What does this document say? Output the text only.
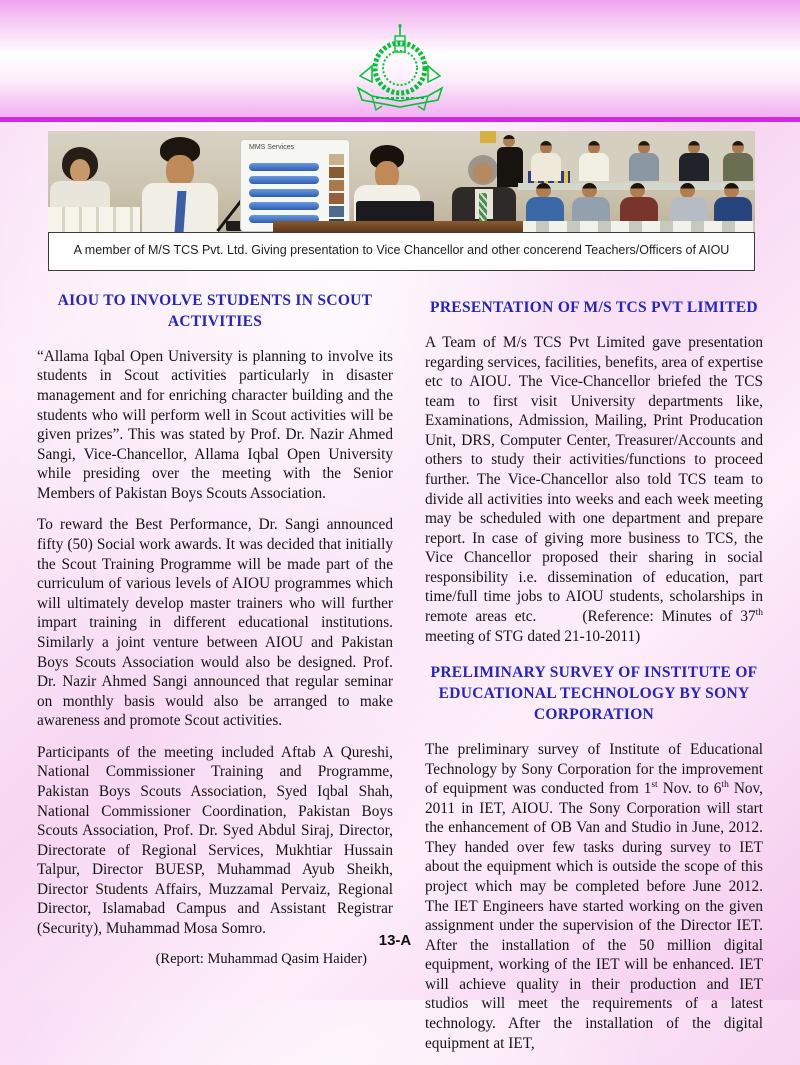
MMS Services
A member of M/S TCS Pvt. Ltd. Giving presentation to Vice Chancellor and other concerend Teachers/Officers of AIOU
AIOU TO INVOLVE STUDENTS IN SCOUT ACTIVITIES

“Allama Iqbal Open University is planning to involve its students in Scout activities particularly in disaster management and for enriching character building and the students who will perform well in Scout activities will be given prizes”. This was stated by Prof. Dr. Nazir Ahmed Sangi, Vice-Chancellor, Allama Iqbal Open University while presiding over the meeting with the Senior Members of Pakistan Boys Scouts Association.

To reward the Best Performance, Dr. Sangi announced fifty (50) Social work awards. It was decided that initially the Scout Training Programme will be made part of the curriculum of various levels of AIOU programmes which will ultimately develop master trainers who will further impart training in different educational institutions. Similarly a joint venture between AIOU and Pakistan Boys Scouts Association would also be designed. Prof. Dr. Nazir Ahmed Sangi announced that regular seminar on monthly basis would also be arranged to make awareness and promote Scout activities.

Participants of the meeting included Aftab A Qureshi, National Commissioner Training and Programme, Pakistan Boys Scouts Association, Syed Iqbal Shah, National Commissioner Coordination, Pakistan Boys Scouts Association, Prof. Dr. Syed Abdul Siraj, Director, Directorate of Regional Services, Mukhtiar Hussain Talpur, Director BUESP, Muhammad Ayub Sheikh, Director Students Affairs, Muzzamal Pervaiz, Regional Director, Islamabad Campus and Assistant Registrar (Security), Muhammad Mosa Somro.

(Report: Muhammad Qasim Haider)
PRESENTATION OF M/S TCS PVT LIMITED

A Team of M/s TCS Pvt Limited gave presentation regarding services, facilities, benefits, area of expertise etc to AIOU. The Vice-Chancellor briefed the TCS team to first visit University departments like, Examinations, Admission, Mailing, Print Producation Unit, DRS, Computer Center, Treasurer/Accounts and others to study their activities/functions to proceed further. The Vice-Chancellor also told TCS team to divide all activities into weeks and each week meeting may be scheduled with one department and prepare report. In case of giving more business to TCS, the Vice Chancellor proposed their sharing in social responsibility i.e. dissemination of education, part time/full time jobs to AIOU students, scholarships in remote areas etc.	(Reference: Minutes of 37th meeting of STG dated 21-10-2011)

PRELIMINARY SURVEY OF INSTITUTE OF EDUCATIONAL TECHNOLOGY BY SONY CORPORATION

The preliminary survey of Institute of Educational Technology by Sony Corporation for the improvement of equipment was conducted from 1st Nov. to 6th Nov, 2011 in IET, AIOU. The Sony Corporation will start the enhancement of OB Van and Studio in June, 2012. They handed over few tasks during survey to IET about the equipment which is outside the scope of this project which may be completed before June 2012. The IET Engineers have started working on the given assignment under the supervision of the Director IET. After the installation of the 50 million digital equipment, working of the IET will be enhanced. IET will achieve quality in their production and IET studios will meet the requirements of a latest technology. After the installation of the digital equipment at IET,

13-A
